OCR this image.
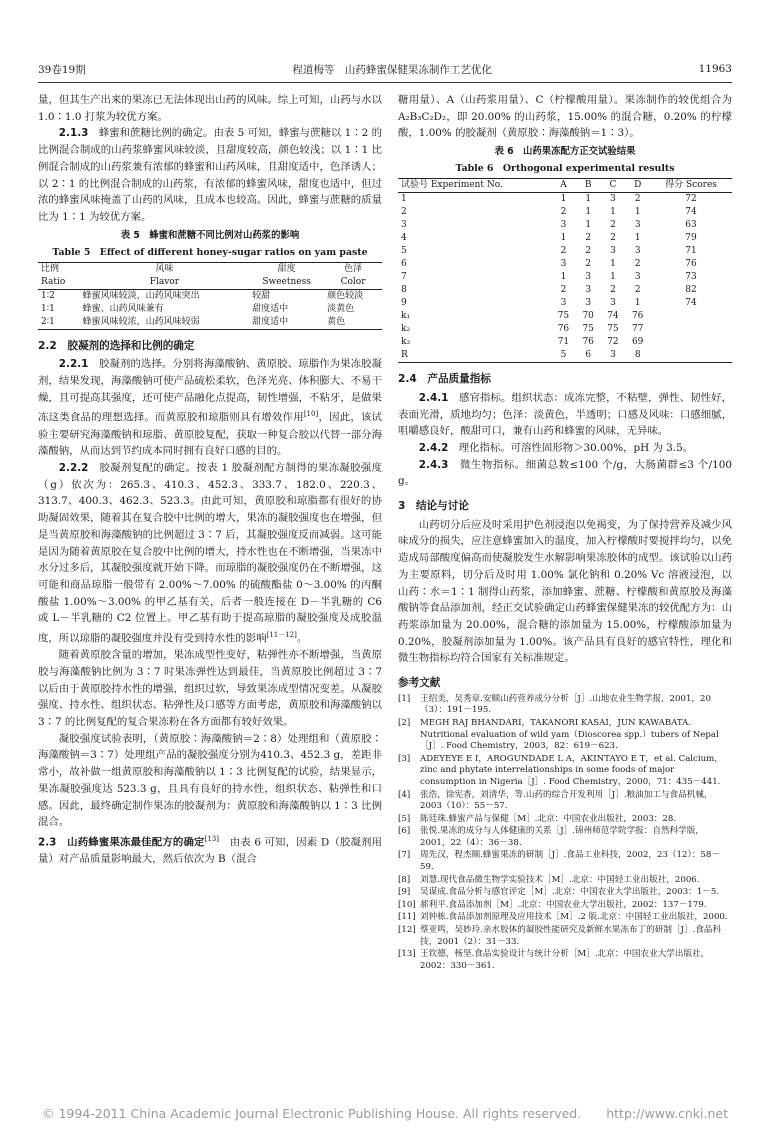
39卷19期	程道梅等　山药蜂蜜保健果冻制作工艺优化	11963

量，但其生产出来的果冻已无法体现出山药的风味。综上可知，山药与水以 1.0∶1.0 打浆为较优方案。

2.1.3　 蜂蜜和蔗糖比例的确定。由表 5 可知，蜂蜜与蔗糖以 1∶2 的比例混合制成的山药浆蜂蜜风味较淡，且甜度较高，颜色较浅；以 1∶1 比例混合制成的山药浆兼有浓郁的蜂蜜和山药风味，且甜度适中，色泽诱人；以 2∶1 的比例混合制成的山药浆，有浓郁的蜂蜜风味，甜度也适中，但过浓的蜂蜜风味掩盖了山药的风味，且成本也较高。因此，蜂蜜与蔗糖的质量比为 1∶1 为较优方案。

表 5　蜂蜜和蔗糖不同比例对山药浆的影响
Table 5　Effect of different honey-sugar ratios on yam paste
比例	风味	甜度	色泽
Ratio	Flavor	Sweetness	Color
1∶2	蜂蜜风味较淡，山药风味突出	较甜	颜色较淡
1∶1	蜂蜜、山药风味兼有	甜度适中	淡黄色
2∶1	蜂蜜风味较浓，山药风味较弱	甜度适中	黄色
2.2　胶凝剂的选择和比例的确定

2.2.1　 胶凝剂的选择。分别将海藻酸钠、黄原胶、琼脂作为果冻胶凝剂，结果发现，海藻酸钠可使产品硫松柔软，色泽光亮、体积膨大、不易干燥，且可提高其强度，还可使产品融化点提高，韧性增强，不粘牙，是做果冻这类食品的理想选择。而黄原胶和琼脂则具有增效作用[10]，因此，该试验主要研究海藻酸钠和琼脂、黄原胶复配，获取一种复合胶以代替一部分海藻酸钠，从而达到节约成本同时拥有良好口感的目的。

2.2.2　 胶凝剂复配的确定。按表 1 胶凝剂配方制得的果冻凝胶强度（g）依次为：265.3、410.3、452.3、333.7、182.0、220.3、313.7、400.3、462.3、523.3。由此可知，黄原胶和琼脂都有很好的协助凝固效果，随着其在复合胶中比例的增大，果冻的凝胶强度也在增强，但是当黄原胶和海藻酸钠的比例超过 3∶7 后，其凝胶强度反而减弱。这可能是因为随着黄原胶在复合胶中比例的增大，持水性也在不断增强，当果冻中水分过多后，其凝胶强度就开始下降。而琼脂的凝胶强度仍在不断增强，这可能和商品琼脂一般带有 2.00%～7.00% 的硫酸酯盐 0～3.00% 的丙酮酸盐 1.00%～3.00% 的甲乙基有关，后者一般连接在 D－半乳糖的 C6 或 L－半乳糖的 C2 位置上。甲乙基有助于提高琼脂的凝胶强度及成胶温度，所以琼脂的凝胶强度并没有受到持水性的影响[11－12]。

随着黄原胶含量的增加，果冻成型性变好，粘弹性亦不断增强，当黄原胶与海藻酸钠比例为 3∶7 时果冻弹性达到最佳，当黄原胶比例超过 3∶7 以后由于黄原胶持水性的增强，组织过软，导致果冻成型情况变差。从凝胶强度、持水性、组织状态、粘弹性及口感等方面考虑，黄原胶和海藻酸钠以 3∶7 的比例复配的复合果冻粉在各方面都有较好效果。

凝胶强度试验表明，（黄原胶∶海藻酸钠＝2∶8）处理组和（黄原胶∶海藻酸钠＝3∶7）处理组产品的凝胶强度分别为410.3、452.3 g，差距非常小，故补做一组黄原胶和海藻酸钠以 1∶3 比例复配的试验，结果显示，果冻凝胶强度达 523.3 g，且具有良好的持水性，组织状态、粘弹性和口感。因此，最终确定制作果冻的胶凝剂为：黄原胶和海藻酸钠以 1∶3 比例混合。

2.3　山药蜂蜜果冻最佳配方的确定[13]　 由表 6 可知，因素 D（胶凝剂用量）对产品质量影响最大，然后依次为 B（混合

糖用量）、A（山药浆用量）、C（柠檬酸用量）。果冻制作的较优组合为 A₂B₃C₂D₂，即 20.00% 的山药浆，15.00% 的混合糖，0.20% 的柠檬酸，1.00% 的胶凝剂（黄原胶∶海藻酸钠＝1∶3）。

表 6　山药果冻配方正交试验结果
Table 6　Orthogonal experimental results
试验号 Experiment No.	A	B	C	D	得分 Scores
1	1	1	3	2	72
2	2	1	1	1	74
3	3	1	2	3	63
4	1	2	2	1	79
5	2	2	3	3	71
6	3	2	1	2	76
7	1	3	1	3	73
8	2	3	2	2	82
9	3	3	3	1	74
k₁	75	70	74	76	
k₂	76	75	75	77	
k₃	71	76	72	69	
R	5	6	3	8	
2.4　产品质量指标

2.4.1　 感官指标。组织状态：成冻完整，不粘壁，弹性、韧性好，表面光滑，质地均匀；色泽：淡黄色，半透明；口感及风味：口感细腻，咀嚼感良好，酸甜可口，兼有山药和蜂蜜的风味，无异味。

2.4.2　 理化指标。可溶性固形物＞30.00%，pH 为 3.5。

2.4.3　 微生物指标。细菌总数≤100 个/g，大肠菌群≤3 个/100 g。

3　结论与讨论

山药切分后应及时采用护色剂浸泡以免褐变，为了保持营养及减少风味成分的损失，应注意蜂蜜加入的温度，加入柠檬酸时要搅拌均匀，以免造成局部酸度偏高而使凝胶发生水解影响果冻胶体的成型。该试验以山药为主要原料，切分后及时用 1.00% 氯化钠和 0.20% Vc 溶液浸泡，以山药∶水＝1∶1 制得山药浆，添加蜂蜜、蔗糖、柠檬酸和黄原胶及海藻酸钠等食品添加剂，经正交试验确定山药蜂蜜保健果冻的较优配方为：山药浆添加量为 20.00%，混合糖的添加量为 15.00%，柠檬酸添加量为 0.20%，胶凝剂添加量为 1.00%。该产品具有良好的感官特性，理化和微生物指标均符合国家有关标准规定。

参考文献
[1]	王绍美，吴秀章.安顺山药营养成分分析［J］.山地农业生物学报，2001，20（3）：191－195.
[2]	MEGH RAJ BHANDARI，TAKANORI KASAI，JUN KAWABATA. Nutritional evaluation of wild yam（Dioscorea spp.）tubers of Nepal［J］. Food Chemistry，2003，82：619－623.
[3]	ADEYEYE E I，AROGUNDADE L A，AKINTAYO E T，et al. Calcium，zinc and phytate interrelationships in some foods of major consumption in Nigeria［J］. Food Chemistry，2000，71：435－441.
[4]	张浩，徐宪香，刘清华，等.山药的综合开发利用［J］.粮油加工与食品机械，2003（10）：55－57.
[5]	陈廷珠.蜂蜜产品与保健［M］.北京：中国农业出版社，2003：28.
[6]	张悦.果冻的成分与人体健康的关系［J］.锦州师范学院学报：自然科学版，2001，22（4）：36－38.
[7]	周先汉，程杰顺.蜂蜜果冻的研制［J］.食品工业科技，2002，23（12）：58－59.
[8]	刘慧.现代食品微生物学实验技术［M］.北京：中国轻工业出版社，2006.
[9]	吴谋成.食品分析与感官评定［M］.北京：中国农业大学出版社，2003：1－5.
[10] 郝利平.食品添加剂［M］.北京：中国农业大学出版社，2002：137－179.
[11] 刘钟栋.食品添加剂原理及应用技术［M］.2 版.北京：中国轻工业出版社，2000.
[12] 蔡亚鸣，吴妙玲.亲水胶体的凝胶性能研究及新鲜水果冻布丁的研制［J］.食品科技，2001（2）：31－33.
[13] 王钦德，杨坚.食品实验设计与统计分析［M］.北京：中国农业大学出版社，2002：330－361.
© 1994-2011 China Academic Journal Electronic Publishing House. All rights reserved.　　http://www.cnki.net
